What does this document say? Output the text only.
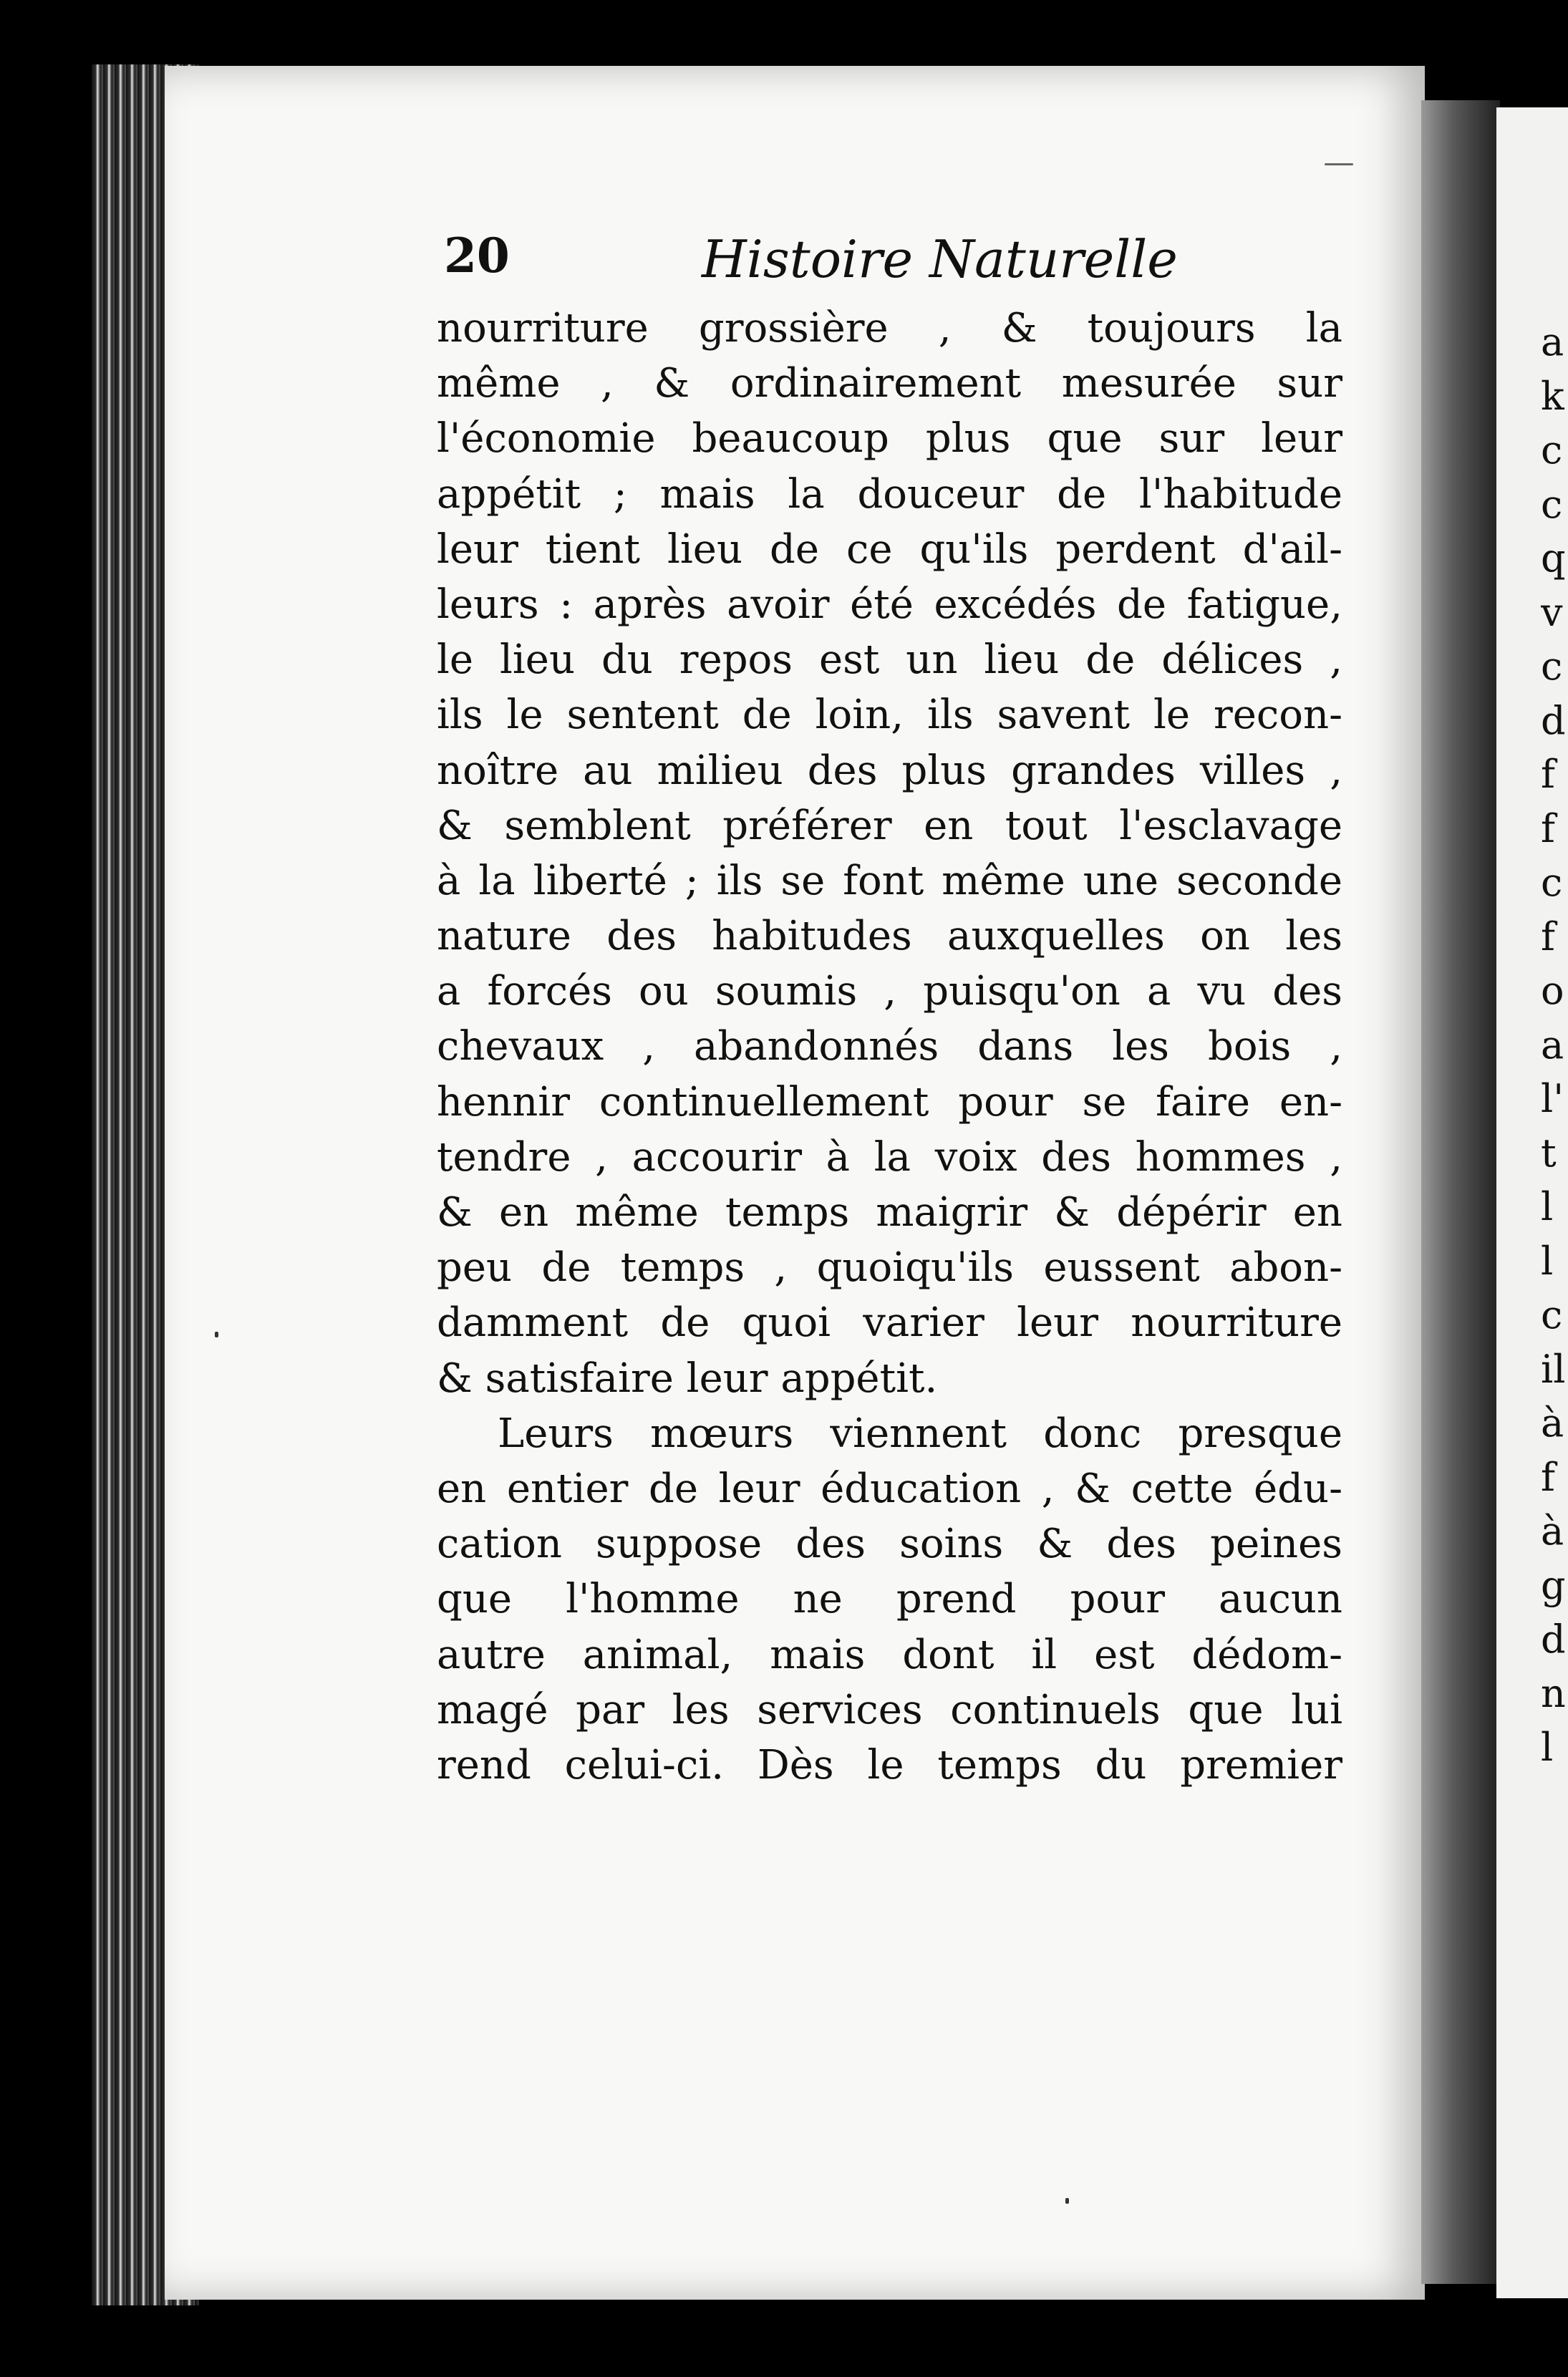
a
k
c
c
q
v
c
d
f
f
c
f
o
a
l'
t
l
l
c
il
à
f
à
g
d
n
l
20	Histoire Naturelle
nourriture grossière , & toujours la
même , & ordinairement mesurée sur
l'économie beaucoup plus que sur leur
appétit ; mais la douceur de l'habitude
leur tient lieu de ce qu'ils perdent d'ail-
leurs : après avoir été excédés de fatigue,
le lieu du repos est un lieu de délices ,
ils le sentent de loin, ils savent le recon-
noître au milieu des plus grandes villes ,
& semblent préférer en tout l'esclavage
à la liberté ; ils se font même une seconde
nature des habitudes auxquelles on les
a forcés ou soumis , puisqu'on a vu des
chevaux , abandonnés dans les bois ,
hennir continuellement pour se faire en-
tendre , accourir à la voix des hommes ,
& en même temps maigrir & dépérir en
peu de temps , quoiqu'ils eussent abon-
damment de quoi varier leur nourriture
& satisfaire leur appétit.
Leurs mœurs viennent donc presque
en entier de leur éducation , & cette édu-
cation suppose des soins & des peines
que l'homme ne prend pour aucun
autre animal, mais dont il est dédom-
magé par les services continuels que lui
rend celui-ci. Dès le temps du premier
